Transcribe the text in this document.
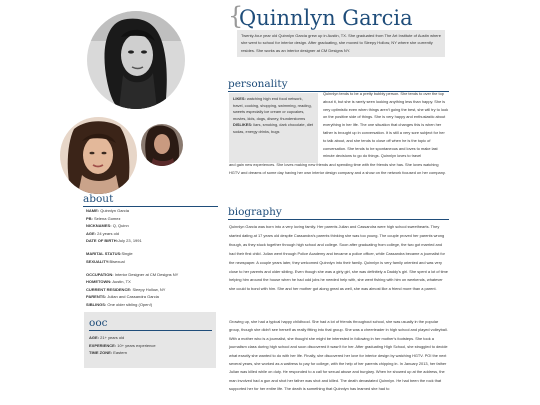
about
NAME: Quinnlyn Garcia
PB: Selena Gomez
NICKNAMES: Q, Quinn
AGE: 24 years old
DATE OF BIRTH:July 23, 1991
MARITAL STATUS:Single
SEXUALITY:Bisexual
OCCUPATION: Interior Designer at CM Designs NY
HOMETOWN: Austin, TX
CURRENT RESIDENCE: Sleepy Hollow, NY
PARENTS: Julian and Cassandra Garcia
SIBLINGS: One older sibling (Open!)
ooc
AGE: 21+ years old
EXPERIENCE: 10+ years experience
TIME ZONE: Eastern
{
Quinnlyn Garcia
Twenty-four year old Quinnlyn Garcia grew up in Austin, TX. She graduated from The Art Institute of Austin where she went to school for interior design. After graduating, she moved to Sleepy Hollow, NY where she currently resides. She works as an interior designer at CM Designs NY.
personality
LIKES: watching high end food network, travel, cooking, shopping, swimming, reading, sweets especially ice cream or cupcakes, movies, kids, dogs, disney, thunderstorms
DISLIKES: liars, smoking, dark chocolate, diet sodas, energy drinks, bugs
Quinnlyn tends to be a pretty bubbly person. She tends to over the top about it, but she is rarely seen looking anything less than happy. She is very optimistic even when things aren't going the best, she will try to look on the positive side of things. She is very happy and enthusiastic about everything in her life. The one situation that changes this is when her father is brought up in conversation. It is still a very sore subject for her to talk about, and she tends to close off when he is the topic of conversation. She tends to be spontaneous and loves to make last minute decisions to go do things. Quinnlyn loves to travel
and gain new experiences. She loves making new friends and spending time with the friends she has. She loves watching HGTV and dreams of some day having her own interior design company and a show on the network focused on her company.
biography

Quinnlyn Garcia was born into a very loving family. Her parents Julian and Cassandra were high school sweethearts. They started dating at 17 years old despite Cassandra's parents thinking she was too young. The couple proved her parents wrong though, as they stuck together through high school and college. Soon after graduating from college, the two got married and had their first child. Julian went through Police Academy and became a police officer, while Cassandra became a journalist for the newspaper. A couple years later, they welcomed Quinnlyn into their family. Quinnlyn is very family oriented and was very close to her parents and older sibling. Even though she was a girly girl, she was definitely a Daddy's girl. She spent a lot of time helping him around the house when he had odd jobs he needed help with, she went fishing with him on weekends, whatever she could to bond with him. She and her mother got along great as well, she was almost like a friend more than a parent.

Growing up, she had a typical happy childhood. She had a lot of friends throughout school, she was usually in the popular group, though she didn't see herself as really fitting into that group. She was a cheerleader in high school and played volleyball. With a mother who is a journalist, she thought she might be interested in following in her mother's footsteps. She took a journalism class during high school and soon discovered it wasn't for her. After graduating High School, she struggled to decide what exactly she wanted to do with her life. Finally, she discovered her love for interior design by watching HGTV. POI the next several years, she worked as a waitress to pay for college, with the help of her parents chipping in. In January 2013, her father Julian was killed while on duty. He responded to a call for sexual abuse and burglary. When he showed up at the address, the man involved had a gun and shot her father was shot and killed. The death devastated Quinnlyn. He had been the rock that supported her for her entire life. The death is something that Quinnlyn has learned she had to
